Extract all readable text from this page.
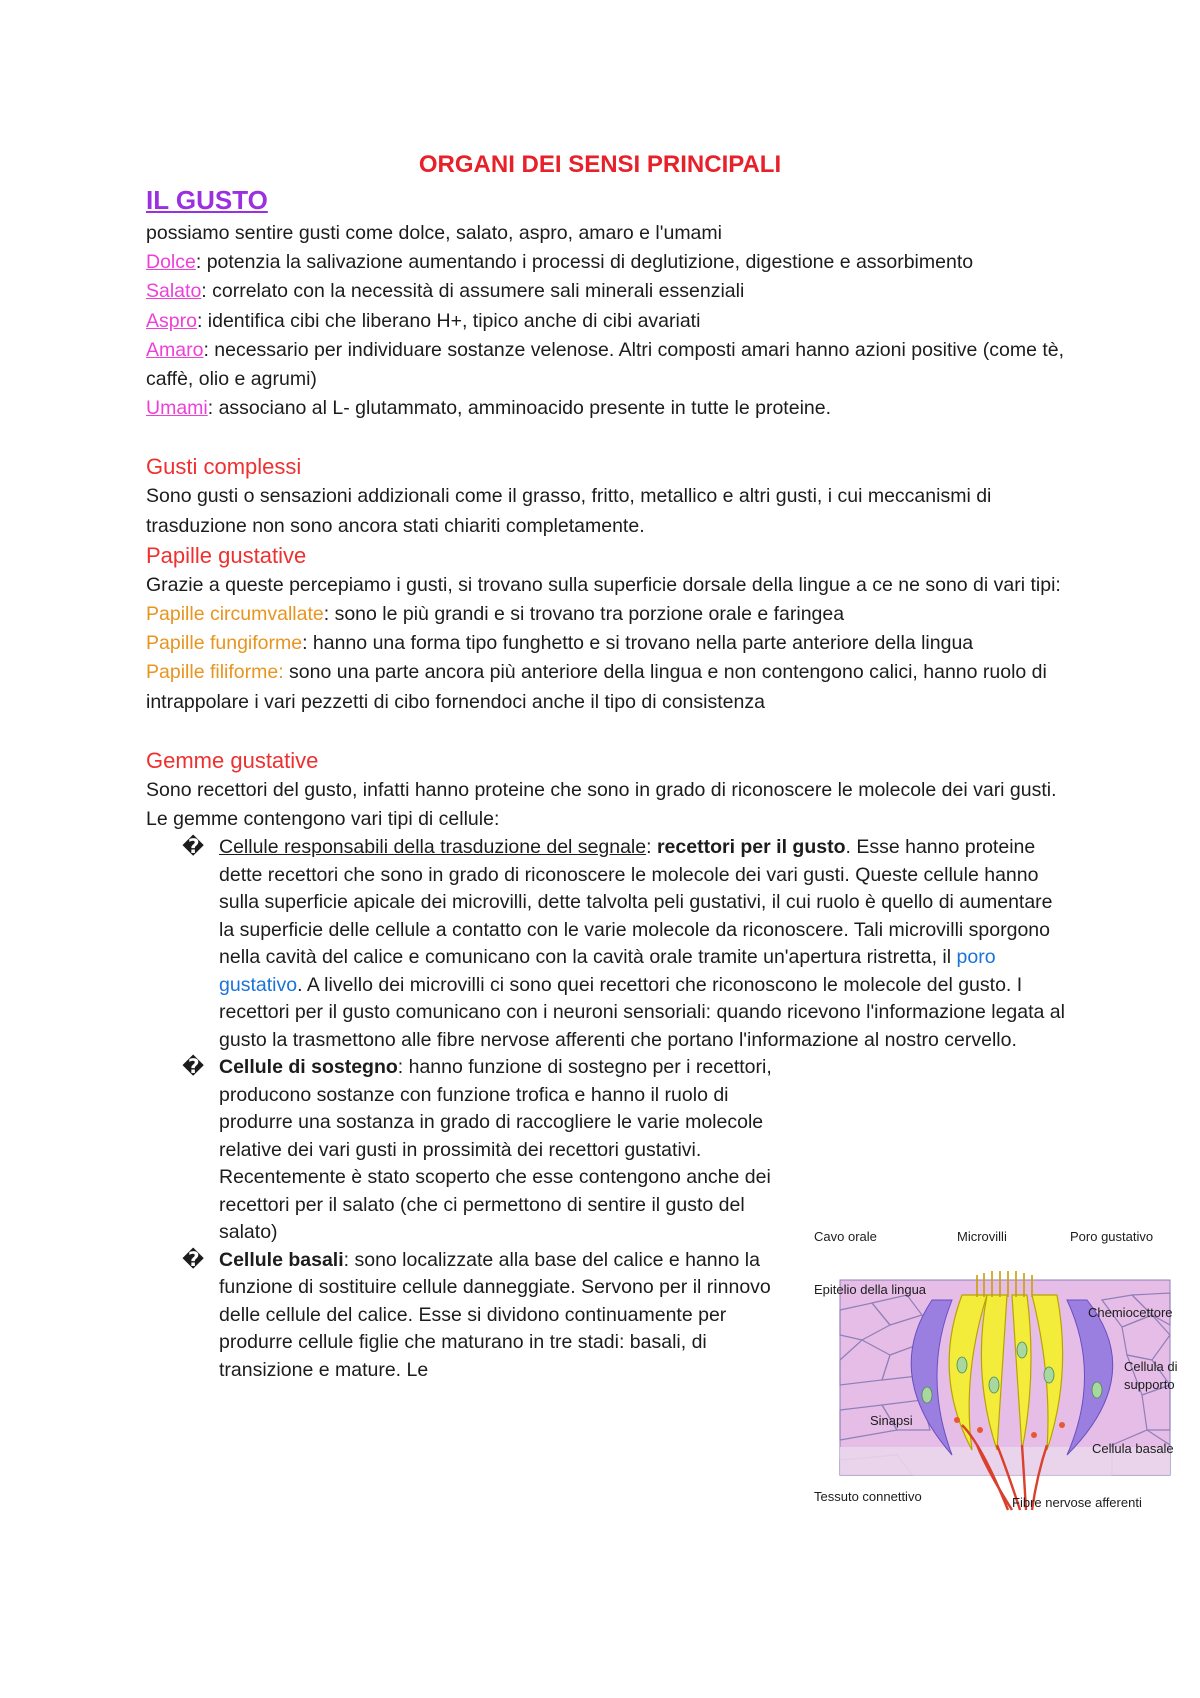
ORGANI DEI SENSI PRINCIPALI
IL GUSTO

possiamo sentire gusti come dolce, salato, aspro, amaro e l'umami

Dolce: potenzia la salivazione aumentando i processi di deglutizione, digestione e assorbimento

Salato: correlato con la necessità di assumere sali minerali essenziali

Aspro: identifica cibi che liberano H+, tipico anche di cibi avariati

Amaro: necessario per individuare sostanze velenose. Altri composti amari hanno azioni positive (come tè, caffè, olio e agrumi)

Umami: associano al L- glutammato, amminoacido presente in tutte le proteine.

Gusti complessi

Sono gusti o sensazioni addizionali come il grasso, fritto, metallico e altri gusti, i cui meccanismi di trasduzione non sono ancora stati chiariti completamente.

Papille gustative

Grazie a queste percepiamo i gusti, si trovano sulla superficie dorsale della lingue a ce ne sono di vari tipi:

Papille circumvallate: sono le più grandi e si trovano tra porzione orale e faringea

Papille fungiforme: hanno una forma tipo funghetto e si trovano nella parte anteriore della lingua

Papille filiforme: sono una parte ancora più anteriore della lingua e non contengono calici, hanno ruolo di intrappolare i vari pezzetti di cibo fornendoci anche il tipo di consistenza

Gemme gustative

Sono recettori del gusto, infatti hanno proteine che sono in grado di riconoscere le molecole dei vari gusti. Le gemme contengono vari tipi di cellule:

� Cellule responsabili della trasduzione del segnale: recettori per il gusto. Esse hanno proteine dette recettori che sono in grado di riconoscere le molecole dei vari gusti. Queste cellule hanno sulla superficie apicale dei microvilli, dette talvolta peli gustativi, il cui ruolo è quello di aumentare la superficie delle cellule a contatto con le varie molecole da riconoscere. Tali microvilli sporgono nella cavità del calice e comunicano con la cavità orale tramite un'apertura ristretta, il poro gustativo. A livello dei microvilli ci sono quei recettori che riconoscono le molecole del gusto. I recettori per il gusto comunicano con i neuroni sensoriali: quando ricevono l'informazione legata al gusto la trasmettono alle fibre nervose afferenti che portano l'informazione al nostro cervello.
� Cellule di sostegno: hanno funzione di sostegno per i recettori, producono sostanze con funzione trofica e hanno il ruolo di produrre una sostanza in grado di raccogliere le varie molecole relative dei vari gusti in prossimità dei recettori gustativi. Recentemente è stato scoperto che esse contengono anche dei recettori per il salato (che ci permettono di sentire il gusto del salato)
� Cellule basali: sono localizzate alla base del calice e hanno la funzione di sostituire cellule danneggiate. Servono per il rinnovo delle cellule del calice. Esse si dividono continuamente per produrre cellule figlie che maturano in tre stadi: basali, di transizione e mature. Le
Cavo orale	Microvilli	Poro gustativo
Epitelio della lingua
Chemiocettore
Cellula di
supporto
Sinapsi
Cellula basale
Tessuto connettivo	Fibre nervose afferenti
